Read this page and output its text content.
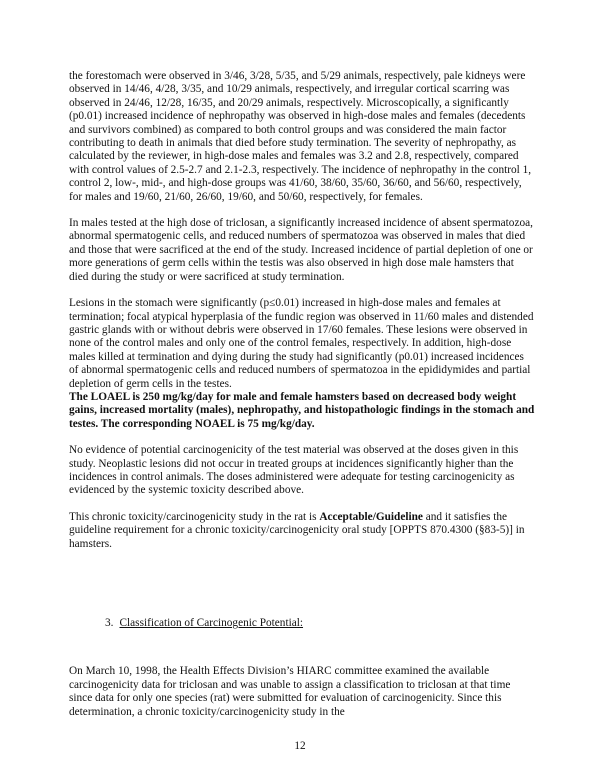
the forestomach were observed in 3/46, 3/28, 5/35, and 5/29 animals, respectively, pale kidneys were observed in 14/46, 4/28, 3/35, and 10/29 animals, respectively, and irregular cortical scarring was observed in 24/46, 12/28, 16/35, and 20/29 animals, respectively. Microscopically, a significantly (p0.01) increased incidence of nephropathy was observed in high-dose males and females (decedents and survivors combined) as compared to both control groups and was considered the main factor contributing to death in animals that died before study termination. The severity of nephropathy, as calculated by the reviewer, in high-dose males and females was 3.2 and 2.8, respectively, compared with control values of 2.5-2.7 and 2.1-2.3, respectively. The incidence of nephropathy in the control 1, control 2, low-, mid-, and high-dose groups was 41/60, 38/60, 35/60, 36/60, and 56/60, respectively, for males and 19/60, 21/60, 26/60, 19/60, and 50/60, respectively, for females.

In males tested at the high dose of triclosan, a significantly increased incidence of absent spermatozoa, abnormal spermatogenic cells, and reduced numbers of spermatozoa was observed in males that died and those that were sacrificed at the end of the study. Increased incidence of partial depletion of one or more generations of germ cells within the testis was also observed in high dose male hamsters that died during the study or were sacrificed at study termination.

Lesions in the stomach were significantly (p≤0.01) increased in high-dose males and females at termination; focal atypical hyperplasia of the fundic region was observed in 11/60 males and distended gastric glands with or without debris were observed in 17/60 females. These lesions were observed in none of the control males and only one of the control females, respectively. In addition, high-dose males killed at termination and dying during the study had significantly (p0.01) increased incidences of abnormal spermatogenic cells and reduced numbers of spermatozoa in the epididymides and partial depletion of germ cells in the testes.
The LOAEL is 250 mg/kg/day for male and female hamsters based on decreased body weight gains, increased mortality (males), nephropathy, and histopathologic findings in the stomach and testes. The corresponding NOAEL is 75 mg/kg/day.

No evidence of potential carcinogenicity of the test material was observed at the doses given in this study. Neoplastic lesions did not occur in treated groups at incidences significantly higher than the incidences in control animals. The doses administered were adequate for testing carcinogenicity as evidenced by the systemic toxicity described above.

This chronic toxicity/carcinogenicity study in the rat is Acceptable/Guideline and it satisfies the guideline requirement for a chronic toxicity/carcinogenicity oral study [OPPTS 870.4300 (§83-5)] in hamsters.

3. Classification of Carcinogenic Potential:

On March 10, 1998, the Health Effects Division’s HIARC committee examined the available carcinogenicity data for triclosan and was unable to assign a classification to triclosan at that time since data for only one species (rat) were submitted for evaluation of carcinogenicity. Since this determination, a chronic toxicity/carcinogenicity study in the

12
